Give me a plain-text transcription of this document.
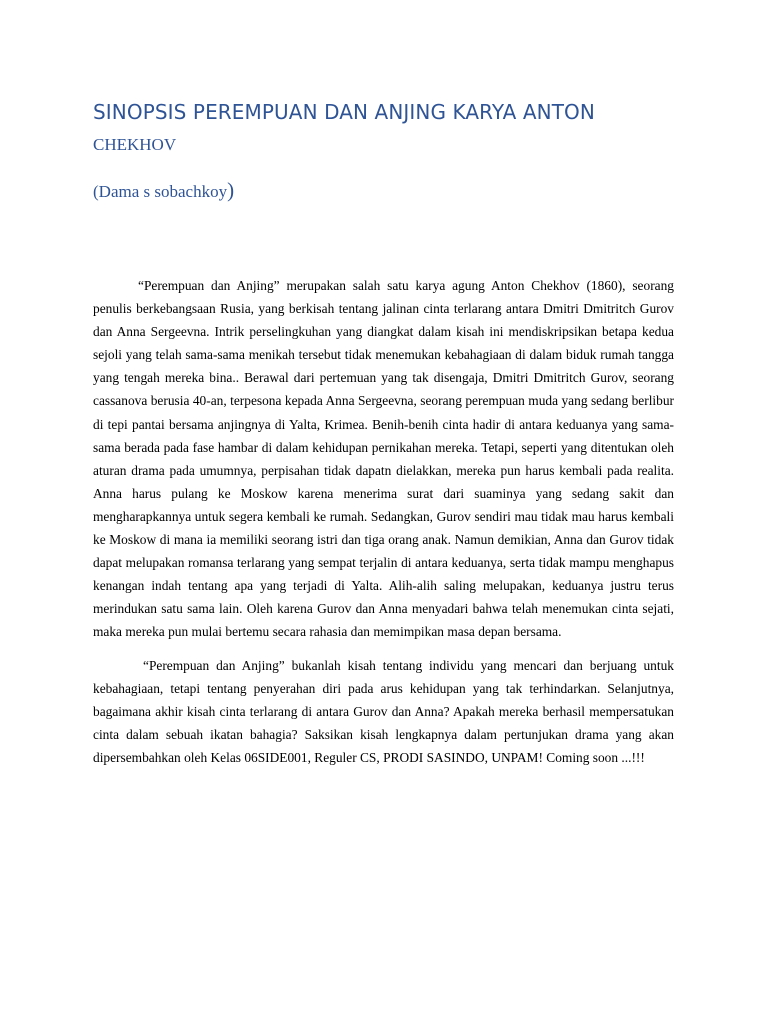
SINOPSIS PEREMPUAN DAN ANJING KARYA ANTON
CHEKHOV
(Dama s sobachkoy)

“Perempuan dan Anjing” merupakan salah satu karya agung Anton Chekhov (1860), seorang penulis berkebangsaan Rusia, yang berkisah tentang jalinan cinta terlarang antara Dmitri Dmitritch Gurov dan Anna Sergeevna. Intrik perselingkuhan yang diangkat dalam kisah ini mendiskripsikan betapa kedua sejoli yang telah sama-sama menikah tersebut tidak menemukan kebahagiaan di dalam biduk rumah tangga yang tengah mereka bina.. Berawal dari pertemuan yang tak disengaja, Dmitri Dmitritch Gurov, seorang cassanova berusia 40-an, terpesona kepada Anna Sergeevna, seorang perempuan muda yang sedang berlibur di tepi pantai bersama anjingnya di Yalta, Krimea. Benih-benih cinta hadir di antara keduanya yang sama-sama berada pada fase hambar di dalam kehidupan pernikahan mereka. Tetapi, seperti yang ditentukan oleh aturan drama pada umumnya, perpisahan tidak dapatn dielakkan, mereka pun harus kembali pada realita. Anna harus pulang ke Moskow karena menerima surat dari suaminya yang sedang sakit dan mengharapkannya untuk segera kembali ke rumah. Sedangkan, Gurov sendiri mau tidak mau harus kembali ke Moskow di mana ia memiliki seorang istri dan tiga orang anak. Namun demikian, Anna dan Gurov tidak dapat melupakan romansa terlarang yang sempat terjalin di antara keduanya, serta tidak mampu menghapus kenangan indah tentang apa yang terjadi di Yalta. Alih-alih saling melupakan, keduanya justru terus merindukan satu sama lain. Oleh karena Gurov dan Anna menyadari bahwa telah menemukan cinta sejati, maka mereka pun mulai bertemu secara rahasia dan memimpikan masa depan bersama.

“Perempuan dan Anjing” bukanlah kisah tentang individu yang mencari dan berjuang untuk kebahagiaan, tetapi tentang penyerahan diri pada arus kehidupan yang tak terhindarkan. Selanjutnya, bagaimana akhir kisah cinta terlarang di antara Gurov dan Anna? Apakah mereka berhasil mempersatukan cinta dalam sebuah ikatan bahagia? Saksikan kisah lengkapnya dalam pertunjukan drama yang akan dipersembahkan oleh Kelas 06SIDE001, Reguler CS, PRODI SASINDO, UNPAM! Coming soon ...!!!
